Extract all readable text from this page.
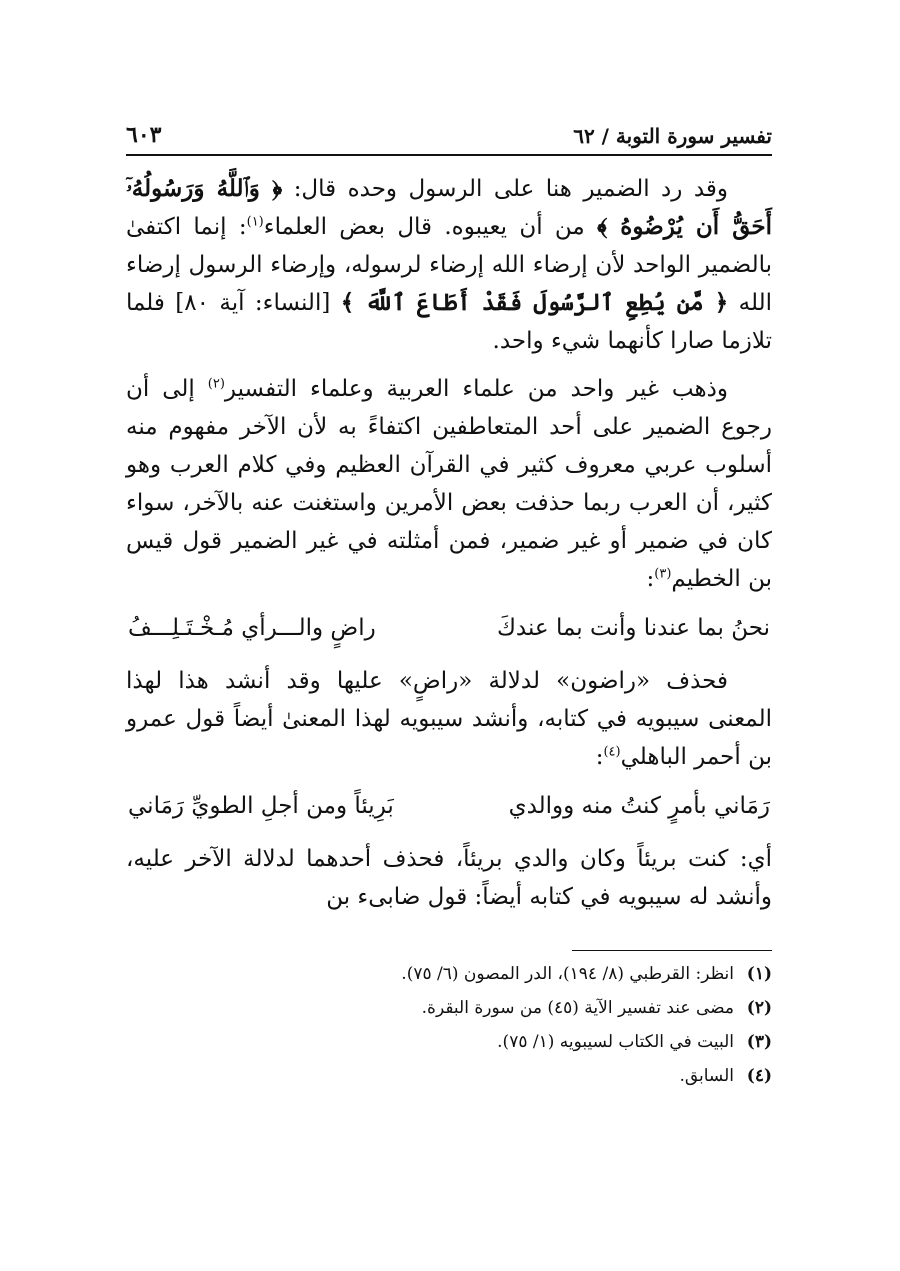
تفسير سورة التوبة / ٦٢
٦٠٣

وقد رد الضمير هنا على الرسول وحده قال: ﴿ وَٱللَّهُ وَرَسُولُهُۥٓ أَحَقُّ أَن يُرْضُوهُ ﴾ من أن يعيبوه. قال بعض العلماء$^{(١)}$: إنما اكتفىٰ بالضمير الواحد لأن إرضاء الله إرضاء لرسوله، وإرضاء الرسول إرضاء الله ﴿ مَّن يُطِعِ ٱلرَّسُولَ فَقَدْ أَطَاعَ ٱللَّهَ ﴾ [النساء: آية ٨٠] فلما تلازما صارا كأنهما شيء واحد.

وذهب غير واحد من علماء العربية وعلماء التفسير$^{(٢)}$ إلى أن رجوع الضمير على أحد المتعاطفين اكتفاءً به لأن الآخر مفهوم منه أسلوب عربي معروف كثير في القرآن العظيم وفي كلام العرب وهو كثير، أن العرب ربما حذفت بعض الأمرين واستغنت عنه بالآخر، سواء كان في ضمير أو غير ضمير، فمن أمثلته في غير الضمير قول قيس بن الخطيم$^{(٣)}$:

نحنُ بما عندنا وأنت بما عندكَ
راضٍ والـــرأي مُـخْـتَـلِـــفُ

فحذف «راضون» لدلالة «راضٍ» عليها وقد أنشد هذا لهذا المعنى سيبويه في كتابه، وأنشد سيبويه لهذا المعنىٰ أيضاً قول عمرو بن أحمر الباهلي$^{(٤)}$:

رَمَاني بأمرٍ كنتُ منه ووالدي
بَرِيئاً ومن أجلِ الطويِّ رَمَاني

أي: كنت بريئاً وكان والدي بريئاً، فحذف أحدهما لدلالة الآخر عليه، وأنشد له سيبويه في كتابه أيضاً: قول ضابىء بن

(١)
انظر: القرطبي (٨/ ١٩٤)، الدر المصون (٦/ ٧٥).
(٢)
مضى عند تفسير الآية (٤٥) من سورة البقرة.
(٣)
البيت في الكتاب لسيبويه (١/ ٧٥).
(٤)
السابق.
